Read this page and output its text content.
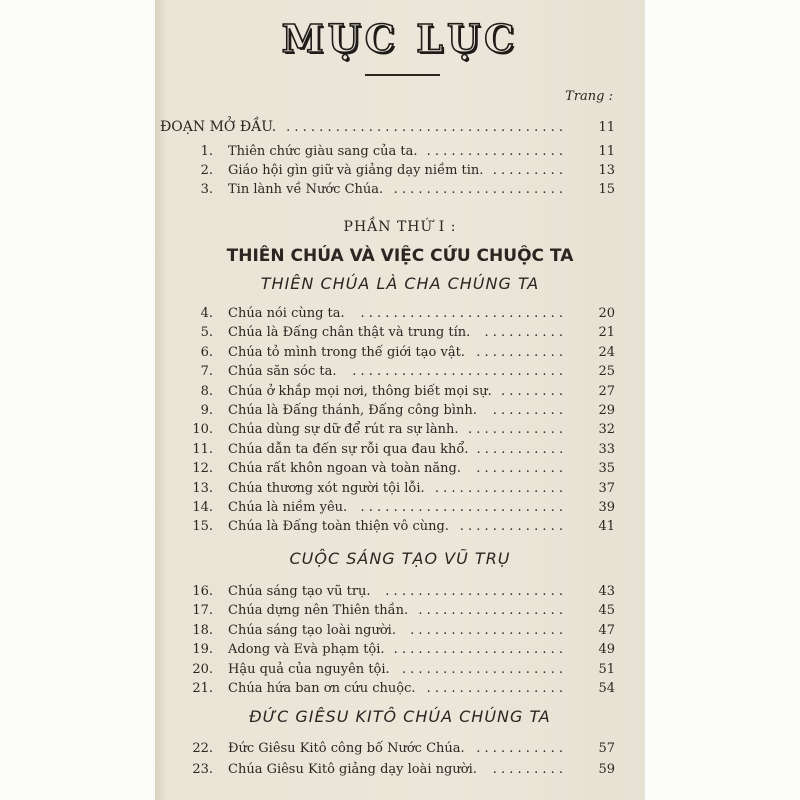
MỤC LỤC
Trang :
ĐOẠN MỞ ĐẦU. . . . . . . . . . . . . . . . . . . . . . . . . . . . . . . . . . .	11
PHẦN THỨ I :
THIÊN CHÚA VÀ VIỆC CỨU CHUỘC TA
1. Thiên chức giàu sang của ta. . . . . . . . . . . . . . . . . .	11
2. Giáo hội gìn giữ và giảng dạy niềm tin. . . . . . . . . .	13
3. Tin lành về Nước Chúa. . . . . . . . . . . . . . . . . . . . . .	15
THIÊN CHÚA LÀ CHA CHÚNG TA
4. Chúa nói cùng ta.	. . . . . . . . . . . . . . . . . . . . . . . . .	20
5. Chúa là Đấng chân thật và trung tín.	. . . . . . . . . .	21
6. Chúa tỏ mình trong thế giới tạo vật. . . . . . . . . . . .	24
7. Chúa săn sóc ta.	. . . . . . . . . . . . . . . . . . . . . . . . . .	25
8. Chúa ở khắp mọi nơi, thông biết mọi sự. . . . . . . . .	27
9. Chúa là Đấng thánh, Đấng công bình.	. . . . . . . . .	29
10. Chúa dùng sự dữ để rút ra sự lành. . . . . . . . . . . . .	32
11. Chúa dẫn ta đến sự rỗi qua đau khổ. . . . . . . . . . . .	33
12. Chúa rất khôn ngoan và toàn năng.	. . . . . . . . . . .	35
13. Chúa thương xót người tội lỗi. . . . . . . . . . . . . . . . .	37
14. Chúa là niềm yêu.	. . . . . . . . . . . . . . . . . . . . . . . . .	39
15. Chúa là Đấng toàn thiện vô cùng. . . . . . . . . . . . . .	41
CUỘC SÁNG TẠO VŨ TRỤ
16. Chúa sáng tạo vũ trụ.	. . . . . . . . . . . . . . . . . . . . . .	43
17. Chúa dựng nên Thiên thần. . . . . . . . . . . . . . . . . . .	45
18. Chúa sáng tạo loài người.	. . . . . . . . . . . . . . . . . . .	47
19. Adong và Evà phạm tội. . . . . . . . . . . . . . . . . . . . . .	49
20. Hậu quả của nguyên tội. . . . . . . . . . . . . . . . . . . . .	51
21. Chúa hứa ban ơn cứu chuộc. . . . . . . . . . . . . . . . . .	54
ĐỨC GIÊSU KITÔ CHÚA CHÚNG TA
22. Đức Giêsu Kitô công bố Nước Chúa. . . . . . . . . . . .	57
23. Chúa Giêsu Kitô giảng dạy loài người.	. . . . . . . . .	59
